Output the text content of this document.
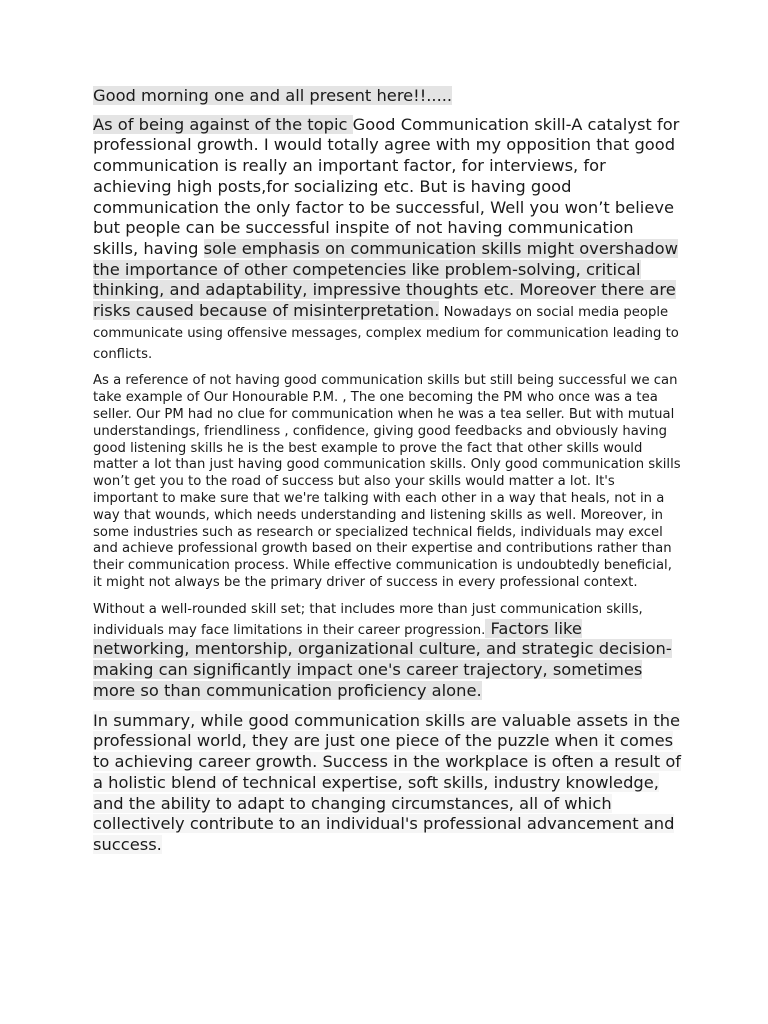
Good morning one and all present here!!.....

As of being against of the topic Good Communication skill-A catalyst for professional growth. I would totally agree with my opposition that good communication is really an important factor, for interviews, for achieving high posts,for socializing etc. But is having good communication the only factor to be successful, Well you won’t believe but people can be successful inspite of not having communication skills, having sole emphasis on communication skills might overshadow the importance of other competencies like problem-solving, critical thinking, and adaptability, impressive thoughts etc. Moreover there are risks caused because of misinterpretation. Nowadays on social media people communicate using offensive messages, complex medium for communication leading to conflicts.

As a reference of not having good communication skills but still being successful we can take example of Our Honourable P.M. , The one becoming the PM who once was a tea seller. Our PM had no clue for communication when he was a tea seller. But with mutual understandings, friendliness , confidence, giving good feedbacks and obviously having good listening skills he is the best example to prove the fact that other skills would matter a lot than just having good communication skills. Only good communication skills won’t get you to the road of success but also your skills would matter a lot. It's important to make sure that we're talking with each other in a way that heals, not in a way that wounds, which needs understanding and listening skills as well. Moreover, in some industries such as research or specialized technical fields, individuals may excel and achieve professional growth based on their expertise and contributions rather than their communication process. While effective communication is undoubtedly beneficial, it might not always be the primary driver of success in every professional context.

Without a well-rounded skill set; that includes more than just communication skills, individuals may face limitations in their career progression. Factors like networking, mentorship, organizational culture, and strategic decision-making can significantly impact one's career trajectory, sometimes more so than communication proficiency alone.

In summary, while good communication skills are valuable assets in the professional world, they are just one piece of the puzzle when it comes to achieving career growth. Success in the workplace is often a result of a holistic blend of technical expertise, soft skills, industry knowledge, and the ability to adapt to changing circumstances, all of which collectively contribute to an individual's professional advancement and success.
